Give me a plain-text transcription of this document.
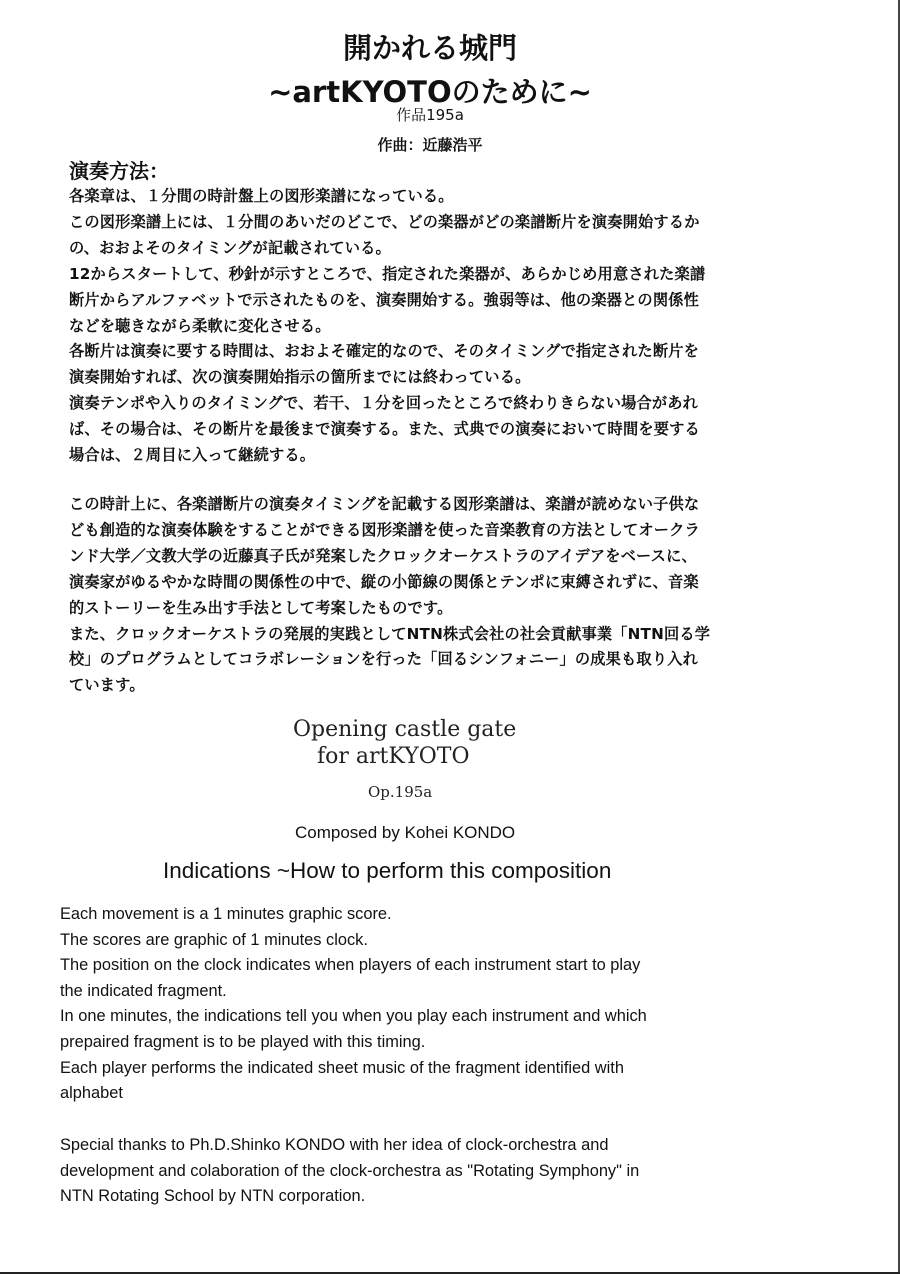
開かれる城門
~artKYOTOのために~
作品195a
作曲：近藤浩平
演奏方法：

各楽章は、１分間の時計盤上の図形楽譜になっている。

この図形楽譜上には、１分間のあいだのどこで、どの楽器がどの楽譜断片を演奏開始するか

の、おおよそのタイミングが記載されている。

12からスタートして、秒針が示すところで、指定された楽器が、あらかじめ用意された楽譜

断片からアルファベットで示されたものを、演奏開始する。強弱等は、他の楽器との関係性

などを聴きながら柔軟に変化させる。

各断片は演奏に要する時間は、おおよそ確定的なので、そのタイミングで指定された断片を

演奏開始すれば、次の演奏開始指示の箇所までには終わっている。

演奏テンポや入りのタイミングで、若干、１分を回ったところで終わりきらない場合があれ

ば、その場合は、その断片を最後まで演奏する。また、式典での演奏において時間を要する

場合は、２周目に入って継続する。

この時計上に、各楽譜断片の演奏タイミングを記載する図形楽譜は、楽譜が読めない子供な

ども創造的な演奏体験をすることができる図形楽譜を使った音楽教育の方法としてオークラ

ンド大学／文教大学の近藤真子氏が発案したクロックオーケストラのアイデアをベースに、

演奏家がゆるやかな時間の関係性の中で、縦の小節線の関係とテンポに束縛されずに、音楽

的ストーリーを生み出す手法として考案したものです。

また、クロックオーケストラの発展的実践としてNTN株式会社の社会貢献事業「NTN回る学

校」のプログラムとしてコラボレーションを行った「回るシンフォニー」の成果も取り入れ

ています。

Opening castle gate
for artKYOTO
Op.195a
Composed by Kohei KONDO
Indications ~How to perform this composition

Each movement is a 1 minutes graphic score.

The scores are graphic of 1 minutes clock.

The position on the clock indicates when players of each instrument start to play

the indicated fragment.

In one minutes, the indications tell you when you play each instrument and which

prepaired fragment is to be played with this timing.

Each player performs the indicated sheet music of the fragment identified with

alphabet

Special thanks to Ph.D.Shinko KONDO with her idea of clock-orchestra and

development and colaboration of the clock-orchestra as "Rotating Symphony" in

NTN Rotating School by NTN corporation.
